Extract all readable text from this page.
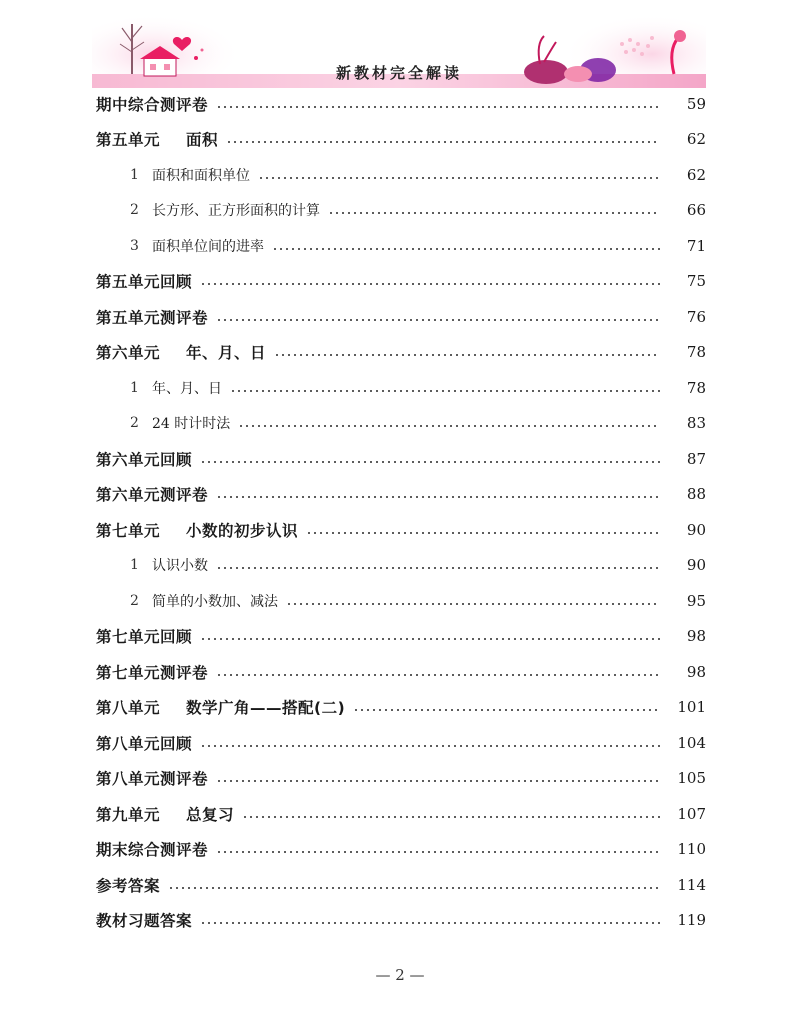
新教材完全解读
期中综合测评卷	59
第五单元 面积	62
1 面积和面积单位	62
2 长方形、正方形面积的计算	66
3 面积单位间的进率	71
第五单元回顾	75
第五单元测评卷	76
第六单元 年、月、日	78
1 年、月、日	78
2 24 时计时法	83
第六单元回顾	87
第六单元测评卷	88
第七单元 小数的初步认识	90
1 认识小数	90
2 简单的小数加、减法	95
第七单元回顾	98
第七单元测评卷	98
第八单元 数学广角——搭配(二)	101
第八单元回顾	104
第八单元测评卷	105
第九单元 总复习	107
期末综合测评卷	110
参考答案	114
教材习题答案	119
— 2 —
